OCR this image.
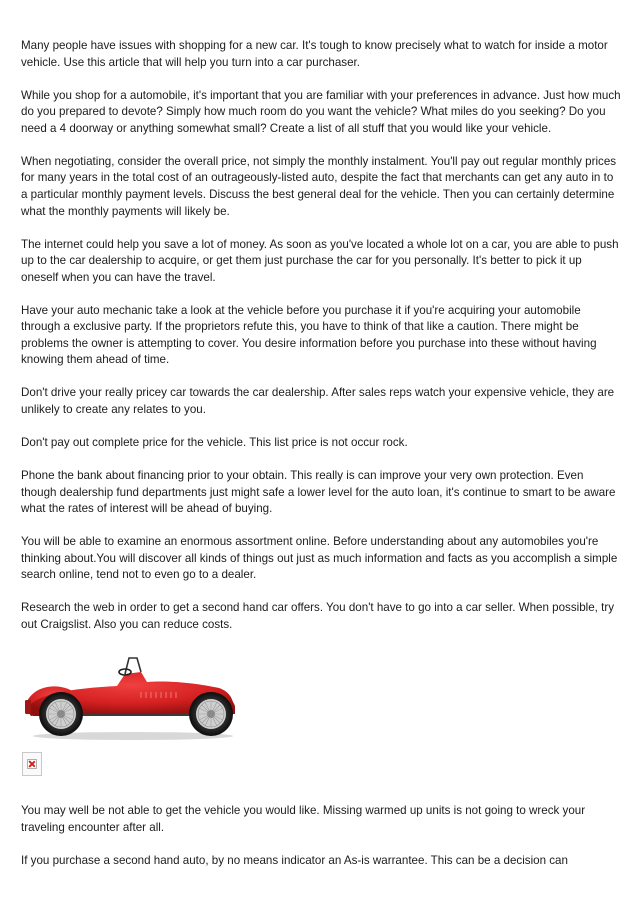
Many people have issues with shopping for a new car. It's tough to know precisely what to watch for inside a motor vehicle. Use this article that will help you turn into a car purchaser.

While you shop for a automobile, it's important that you are familiar with your preferences in advance. Just how much do you prepared to devote? Simply how much room do you want the vehicle? What miles do you seeking? Do you need a 4 doorway or anything somewhat small? Create a list of all stuff that you would like your vehicle.

When negotiating, consider the overall price, not simply the monthly instalment. You'll pay out regular monthly prices for many years in the total cost of an outrageously-listed auto, despite the fact that merchants can get any auto in to a particular monthly payment levels. Discuss the best general deal for the vehicle. Then you can certainly determine what the monthly payments will likely be.

The internet could help you save a lot of money. As soon as you've located a whole lot on a car, you are able to push up to the car dealership to acquire, or get them just purchase the car for you personally. It's better to pick it up oneself when you can have the travel.

Have your auto mechanic take a look at the vehicle before you purchase it if you're acquiring your automobile through a exclusive party. If the proprietors refute this, you have to think of that like a caution. There might be problems the owner is attempting to cover. You desire information before you purchase into these without having knowing them ahead of time.

Don't drive your really pricey car towards the car dealership. After sales reps watch your expensive vehicle, they are unlikely to create any relates to you.

Don't pay out complete price for the vehicle. This list price is not occur rock.

Phone the bank about financing prior to your obtain. This really is can improve your very own protection. Even though dealership fund departments just might safe a lower level for the auto loan, it's continue to smart to be aware what the rates of interest will be ahead of buying.

You will be able to examine an enormous assortment online. Before understanding about any automobiles you're thinking about.You will discover all kinds of things out just as much information and facts as you accomplish a simple search online, tend not to even go to a dealer.

Research the web in order to get a second hand car offers. You don't have to go into a car seller. When possible, try out Craigslist. Also you can reduce costs.

You may well be not able to get the vehicle you would like. Missing warmed up units is not going to wreck your traveling encounter after all.

If you purchase a second hand auto, by no means indicator an As-is warrantee. This can be a decision can
